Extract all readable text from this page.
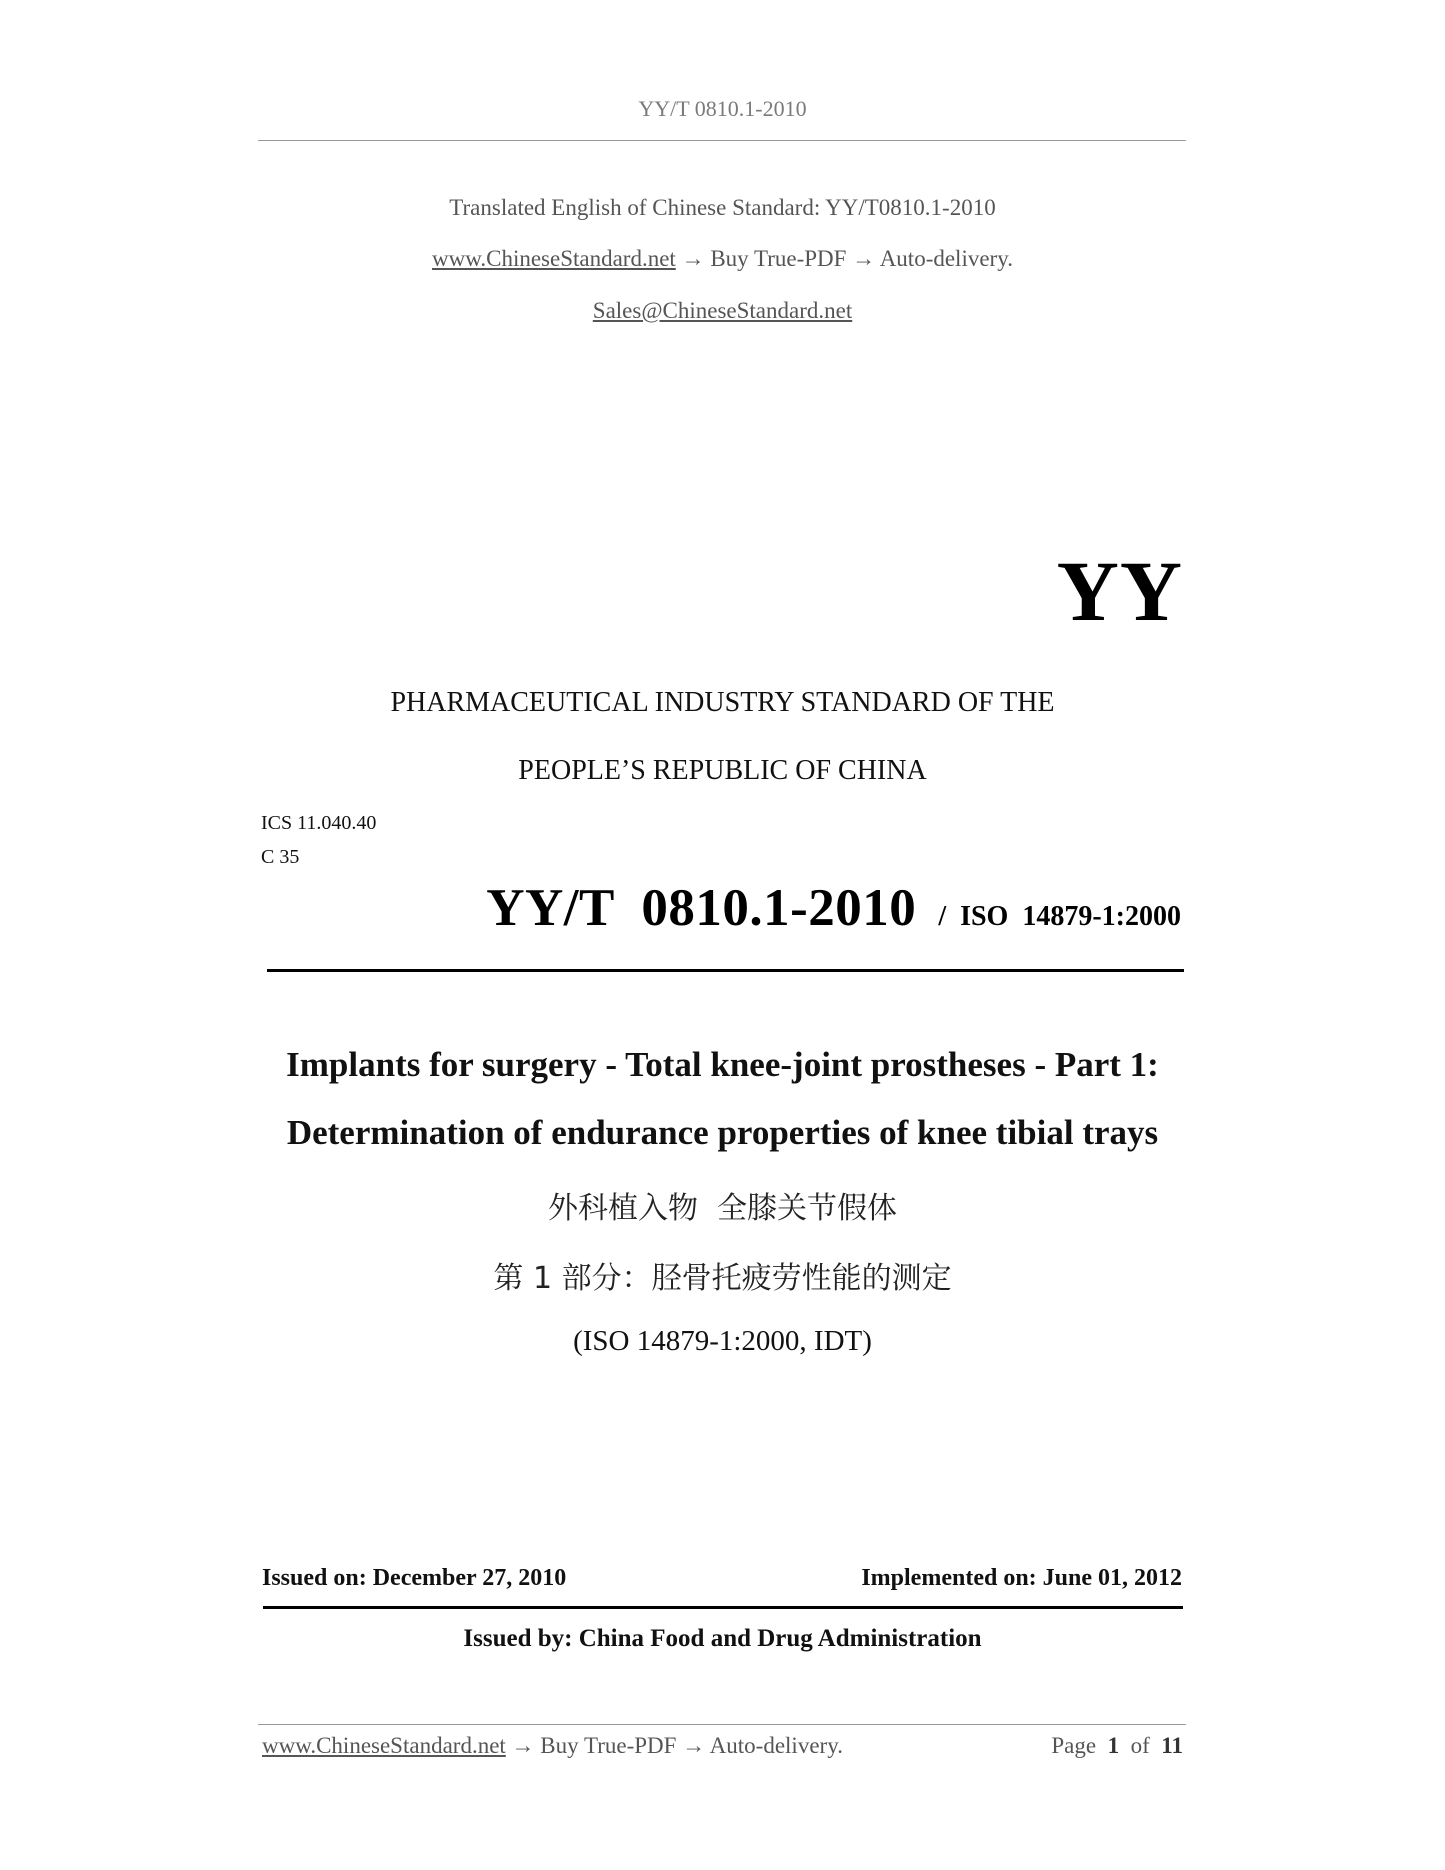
YY/T 0810.1-2010
Translated English of Chinese Standard: YY/T0810.1-2010
www.ChineseStandard.net → Buy True-PDF → Auto-delivery.
Sales@ChineseStandard.net
YY
PHARMACEUTICAL INDUSTRY STANDARD OF THE
PEOPLE’S REPUBLIC OF CHINA
ICS 11.040.40
C 35
YY/T  0810.1-2010 /  ISO  14879-1:2000
Implants for surgery - Total knee-joint prostheses - Part 1:
Determination of endurance properties of knee tibial trays
外科植入物  全膝关节假体
第 1 部分：胫骨托疲劳性能的测定
(ISO 14879-1:2000, IDT)
Issued on: December 27, 2010	Implemented on: June 01, 2012
Issued by: China Food and Drug Administration
www.ChineseStandard.net → Buy True-PDF → Auto-delivery.	Page 1 of 11
